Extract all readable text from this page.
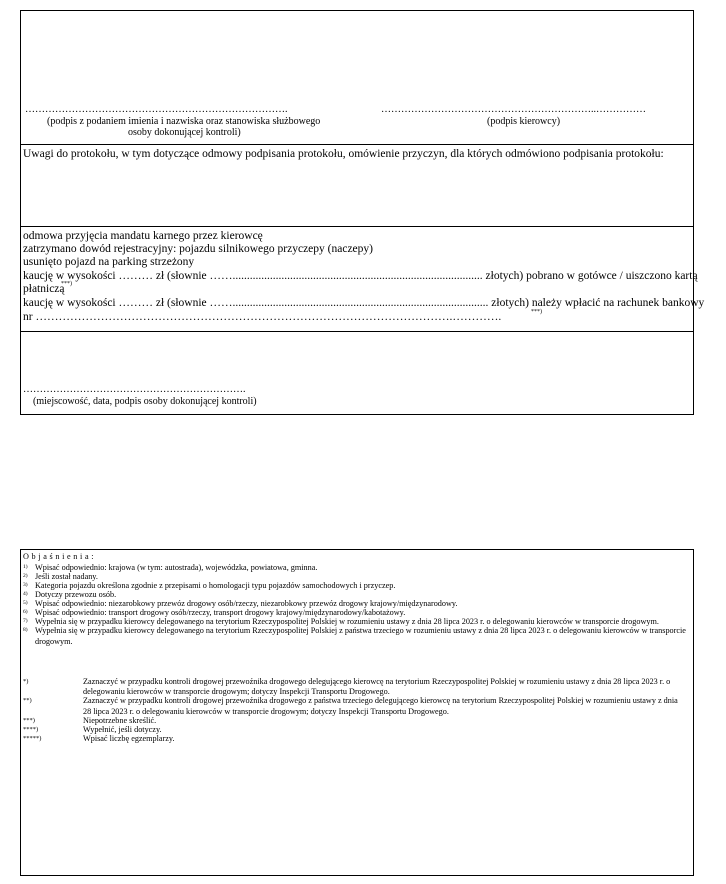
…………………………………………………………………….
(podpis z podaniem imienia i nazwiska oraz stanowiska służbowego
osoby dokonującej kontroli)
………………………………………………………..……………
(podpis kierowcy)
Uwagi do protokołu, w tym dotyczące odmowy podpisania protokołu, omówienie przyczyn, dla których odmówiono podpisania protokołu:
odmowa przyjęcia mandatu karnego przez kierowcę
zatrzymano dowód rejestracyjny: pojazdu silnikowego przyczepy (naczepy)
usunięto pojazd na parking strzeżony
kaucję w wysokości ……… zł (słownie ……....................................................................................... złotych) pobrano w gotówce / uiszczono kartą
płatniczą
***)
kaucję w wysokości ……… zł (słownie ……......................................................................................... złotych) należy wpłacić na rachunek bankowy
nr ……………………………………………………………………………………………….………….	***)
………………………………………………………….
(miejscowość, data, podpis osoby dokonującej kontroli)
O b j a ś n i e n i a :
1) Wpisać odpowiednio: krajowa (w tym: autostrada), wojewódzka, powiatowa, gminna.
2) Jeśli został nadany.
3) Kategoria pojazdu określona zgodnie z przepisami o homologacji typu pojazdów samochodowych i przyczep.
4) Dotyczy przewozu osób.
5) Wpisać odpowiednio: niezarobkowy przewóz drogowy osób/rzeczy, niezarobkowy przewóz drogowy krajowy/międzynarodowy.
6) Wpisać odpowiednio: transport drogowy osób/rzeczy, transport drogowy krajowy/międzynarodowy/kabotażowy.
7) Wypełnia się w przypadku kierowcy delegowanego na terytorium Rzeczypospolitej Polskiej w rozumieniu ustawy z dnia 28 lipca 2023 r. o delegowaniu kierowców w transporcie drogowym.
8) Wypełnia się w przypadku kierowcy delegowanego na terytorium Rzeczypospolitej Polskiej z państwa trzeciego w rozumieniu ustawy z dnia 28 lipca 2023 r. o delegowaniu kierowców w transporcie drogowym.
*)	Zaznaczyć w przypadku kontroli drogowej przewoźnika drogowego delegującego kierowcę na terytorium Rzeczypospolitej Polskiej w rozumieniu ustawy z dnia 28 lipca 2023 r. o delegowaniu kierowców w transporcie drogowym; dotyczy Inspekcji Transportu Drogowego.
**)	Zaznaczyć w przypadku kontroli drogowej przewoźnika drogowego z państwa trzeciego delegującego kierowcę na terytorium Rzeczypospolitej Polskiej w rozumieniu ustawy z dnia 28 lipca 2023 r. o delegowaniu kierowców w transporcie drogowym; dotyczy Inspekcji Transportu Drogowego.
***)	Niepotrzebne skreślić.
****)	Wypełnić, jeśli dotyczy.
*****)	Wpisać liczbę egzemplarzy.
